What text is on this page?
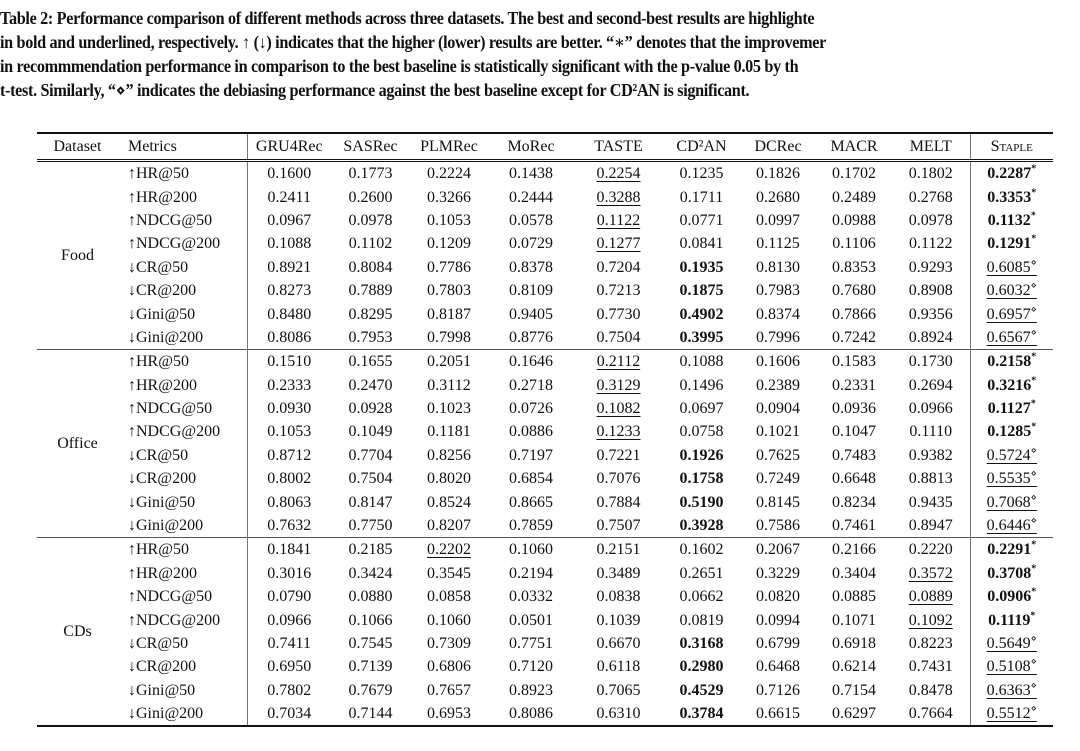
Table 2: Performance comparison of different methods across three datasets. The best and second-best results are highlighte
in bold and underlined, respectively. ↑ (↓) indicates that the higher (lower) results are better. “∗” denotes that the improvemer
in recommmendation performance in comparison to the best baseline is statistically significant with the p-value 0.05 by th
t-test. Similarly, “⋄” indicates the debiasing performance against the best baseline except for CD²AN is significant.
Dataset	Metrics	GRU4Rec	SASRec	PLMRec	MoRec	TASTE	CD²AN	DCRec	MACR	MELT	Staple
Food	↑HR@50	0.1600	0.1773	0.2224	0.1438	0.2254	0.1235	0.1826	0.1702	0.1802	0.2287*
	↑HR@200	0.2411	0.2600	0.3266	0.2444	0.3288	0.1711	0.2680	0.2489	0.2768	0.3353*
	↑NDCG@50	0.0967	0.0978	0.1053	0.0578	0.1122	0.0771	0.0997	0.0988	0.0978	0.1132*
	↑NDCG@200	0.1088	0.1102	0.1209	0.0729	0.1277	0.0841	0.1125	0.1106	0.1122	0.1291*
	↓CR@50	0.8921	0.8084	0.7786	0.8378	0.7204	0.1935	0.8130	0.8353	0.9293	0.6085⋄
	↓CR@200	0.8273	0.7889	0.7803	0.8109	0.7213	0.1875	0.7983	0.7680	0.8908	0.6032⋄
	↓Gini@50	0.8480	0.8295	0.8187	0.9405	0.7730	0.4902	0.8374	0.7866	0.9356	0.6957⋄
	↓Gini@200	0.8086	0.7953	0.7998	0.8776	0.7504	0.3995	0.7996	0.7242	0.8924	0.6567⋄
Office	↑HR@50	0.1510	0.1655	0.2051	0.1646	0.2112	0.1088	0.1606	0.1583	0.1730	0.2158*
	↑HR@200	0.2333	0.2470	0.3112	0.2718	0.3129	0.1496	0.2389	0.2331	0.2694	0.3216*
	↑NDCG@50	0.0930	0.0928	0.1023	0.0726	0.1082	0.0697	0.0904	0.0936	0.0966	0.1127*
	↑NDCG@200	0.1053	0.1049	0.1181	0.0886	0.1233	0.0758	0.1021	0.1047	0.1110	0.1285*
	↓CR@50	0.8712	0.7704	0.8256	0.7197	0.7221	0.1926	0.7625	0.7483	0.9382	0.5724⋄
	↓CR@200	0.8002	0.7504	0.8020	0.6854	0.7076	0.1758	0.7249	0.6648	0.8813	0.5535⋄
	↓Gini@50	0.8063	0.8147	0.8524	0.8665	0.7884	0.5190	0.8145	0.8234	0.9435	0.7068⋄
	↓Gini@200	0.7632	0.7750	0.8207	0.7859	0.7507	0.3928	0.7586	0.7461	0.8947	0.6446⋄
CDs	↑HR@50	0.1841	0.2185	0.2202	0.1060	0.2151	0.1602	0.2067	0.2166	0.2220	0.2291*
	↑HR@200	0.3016	0.3424	0.3545	0.2194	0.3489	0.2651	0.3229	0.3404	0.3572	0.3708*
	↑NDCG@50	0.0790	0.0880	0.0858	0.0332	0.0838	0.0662	0.0820	0.0885	0.0889	0.0906*
	↑NDCG@200	0.0966	0.1066	0.1060	0.0501	0.1039	0.0819	0.0994	0.1071	0.1092	0.1119*
	↓CR@50	0.7411	0.7545	0.7309	0.7751	0.6670	0.3168	0.6799	0.6918	0.8223	0.5649⋄
	↓CR@200	0.6950	0.7139	0.6806	0.7120	0.6118	0.2980	0.6468	0.6214	0.7431	0.5108⋄
	↓Gini@50	0.7802	0.7679	0.7657	0.8923	0.7065	0.4529	0.7126	0.7154	0.8478	0.6363⋄
	↓Gini@200	0.7034	0.7144	0.6953	0.8086	0.6310	0.3784	0.6615	0.6297	0.7664	0.5512⋄
